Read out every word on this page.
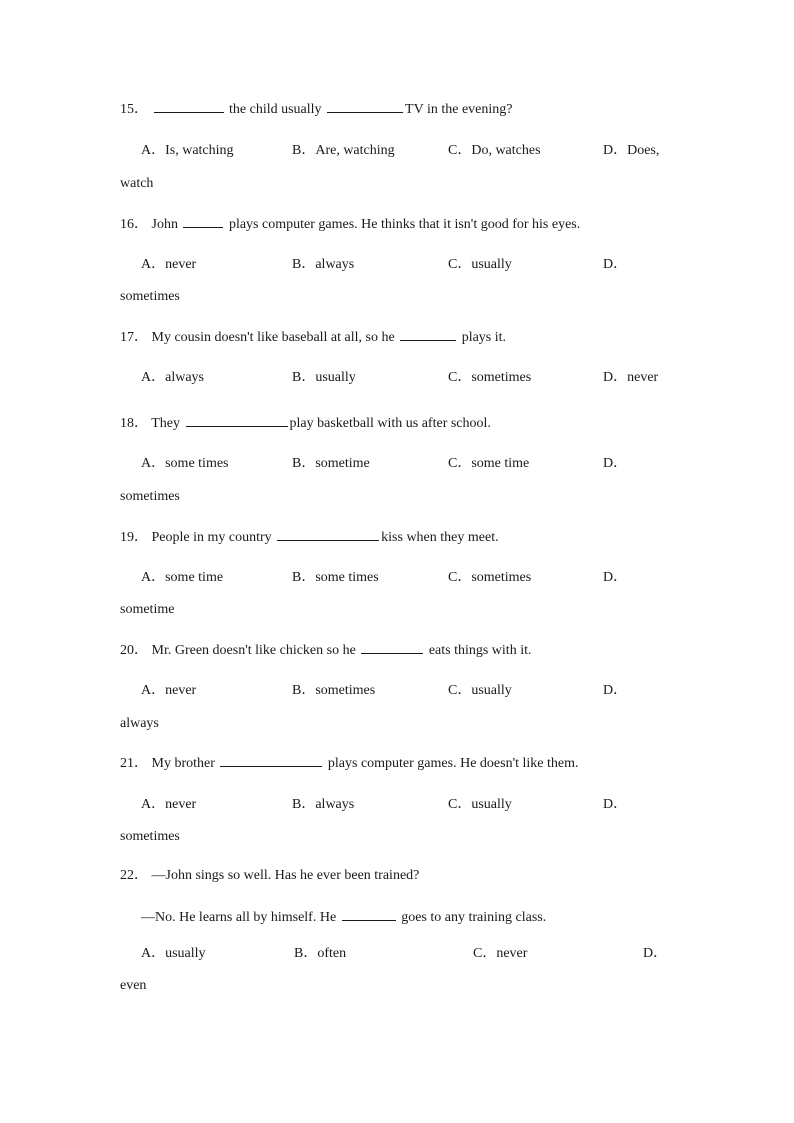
15．	the child usually	TV in the evening?
A．Is, watching	B．Are, watching	C．Do, watches	D．Does,
watch
16． John	plays computer games. He thinks that it isn't good for his eyes.
A．never	B．always	C．usually	D．
sometimes
17． My cousin doesn't like baseball at all, so he	plays it.
A．always	B．usually	C．sometimes	D．never
18． They	play basketball with us after school.
A．some times	B．sometime	C．some time	D．
sometimes
19． People in my country	kiss when they meet.
A．some time	B．some times	C．sometimes	D．
sometime
20． Mr. Green doesn't like chicken so he	eats things with it.
A．never	B．sometimes	C．usually	D．
always
21． My brother	plays computer games. He doesn't like them.
A．never	B．always	C．usually	D．
sometimes
22． —John sings so well. Has he ever been trained?
—No. He learns all by himself. He	goes to any training class.
A．usually	B．often	C．never	D．
even
